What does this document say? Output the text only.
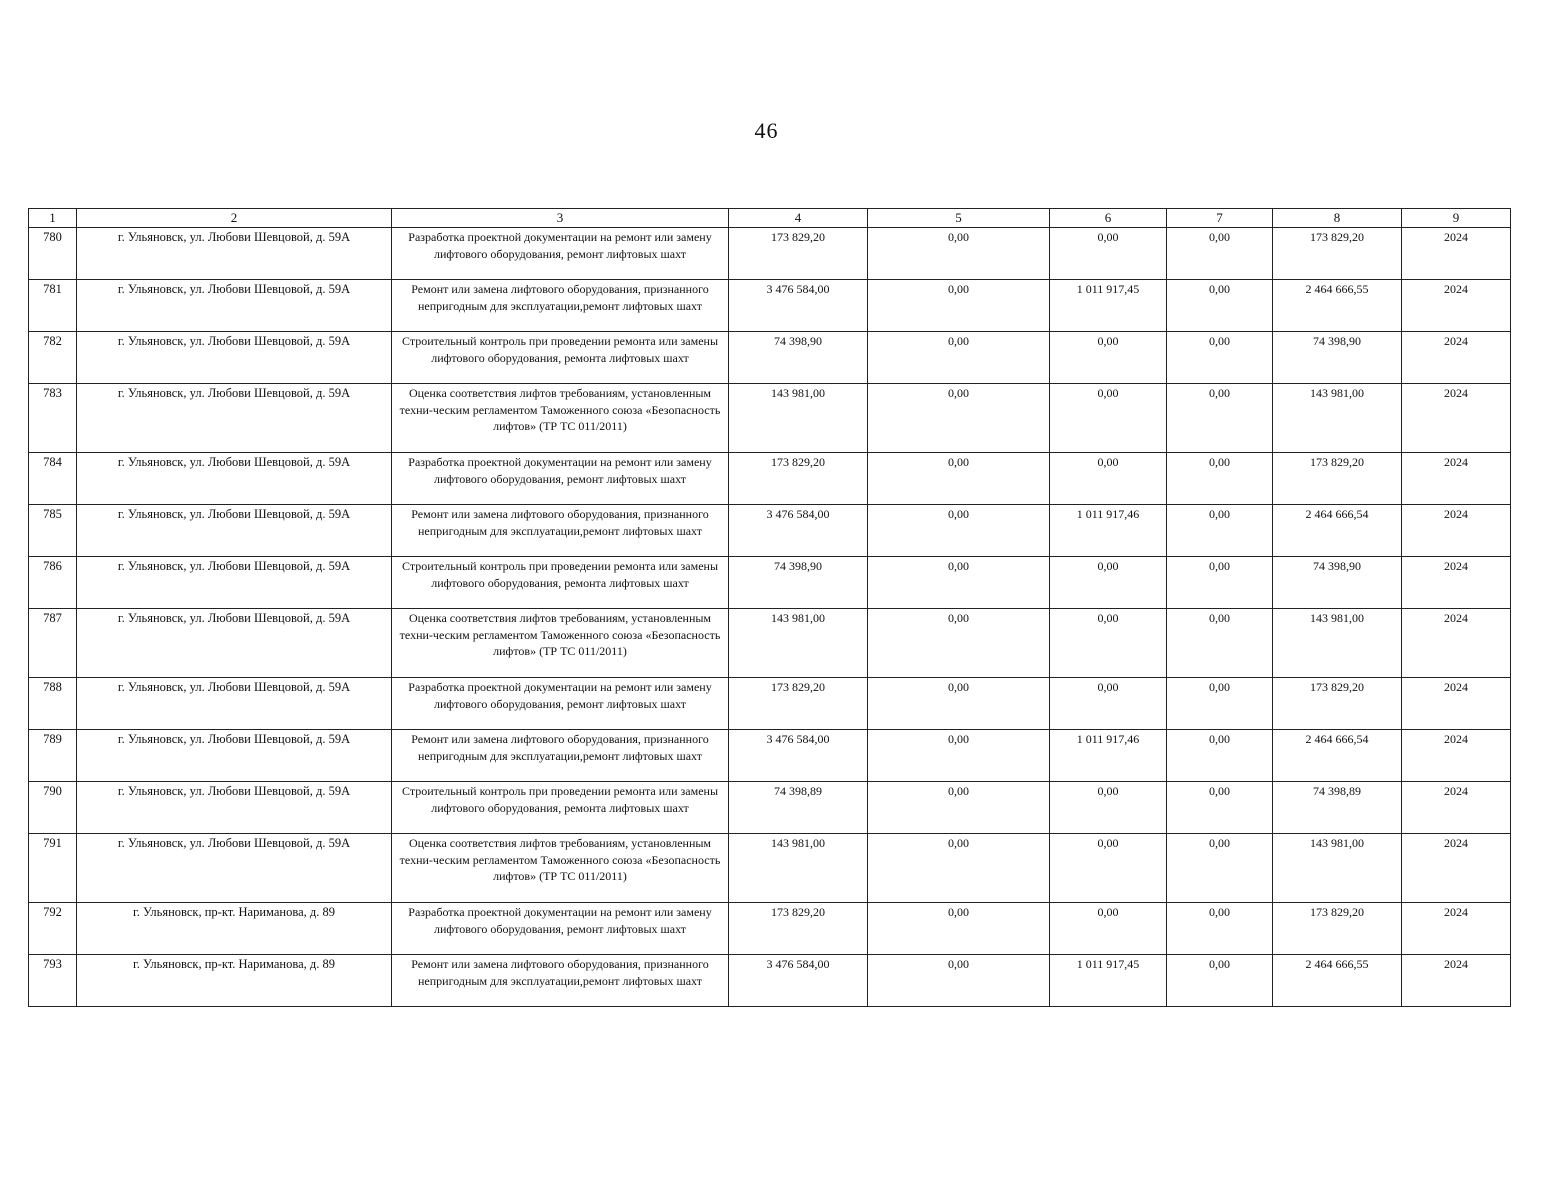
46
1	2	3	4	5	6	7	8	9
780	г. Ульяновск, ул. Любови Шевцовой, д. 59А	Разработка проектной документации на ремонт или замену лифтового оборудования, ремонт лифтовых шахт	173 829,20	0,00	0,00	0,00	173 829,20	2024
781	г. Ульяновск, ул. Любови Шевцовой, д. 59А	Ремонт или замена лифтового оборудования, признанного непригодным для эксплуатации,ремонт лифтовых шахт	3 476 584,00	0,00	1 011 917,45	0,00	2 464 666,55	2024
782	г. Ульяновск, ул. Любови Шевцовой, д. 59А	Строительный контроль при проведении ремонта или замены лифтового оборудования, ремонта лифтовых шахт	74 398,90	0,00	0,00	0,00	74 398,90	2024
783	г. Ульяновск, ул. Любови Шевцовой, д. 59А	Оценка соответствия лифтов требованиям, установленным техни-ческим регламентом Таможенного союза «Безопасность лифтов» (ТР ТС 011/2011)	143 981,00	0,00	0,00	0,00	143 981,00	2024
784	г. Ульяновск, ул. Любови Шевцовой, д. 59А	Разработка проектной документации на ремонт или замену лифтового оборудования, ремонт лифтовых шахт	173 829,20	0,00	0,00	0,00	173 829,20	2024
785	г. Ульяновск, ул. Любови Шевцовой, д. 59А	Ремонт или замена лифтового оборудования, признанного непригодным для эксплуатации,ремонт лифтовых шахт	3 476 584,00	0,00	1 011 917,46	0,00	2 464 666,54	2024
786	г. Ульяновск, ул. Любови Шевцовой, д. 59А	Строительный контроль при проведении ремонта или замены лифтового оборудования, ремонта лифтовых шахт	74 398,90	0,00	0,00	0,00	74 398,90	2024
787	г. Ульяновск, ул. Любови Шевцовой, д. 59А	Оценка соответствия лифтов требованиям, установленным техни-ческим регламентом Таможенного союза «Безопасность лифтов» (ТР ТС 011/2011)	143 981,00	0,00	0,00	0,00	143 981,00	2024
788	г. Ульяновск, ул. Любови Шевцовой, д. 59А	Разработка проектной документации на ремонт или замену лифтового оборудования, ремонт лифтовых шахт	173 829,20	0,00	0,00	0,00	173 829,20	2024
789	г. Ульяновск, ул. Любови Шевцовой, д. 59А	Ремонт или замена лифтового оборудования, признанного непригодным для эксплуатации,ремонт лифтовых шахт	3 476 584,00	0,00	1 011 917,46	0,00	2 464 666,54	2024
790	г. Ульяновск, ул. Любови Шевцовой, д. 59А	Строительный контроль при проведении ремонта или замены лифтового оборудования, ремонта лифтовых шахт	74 398,89	0,00	0,00	0,00	74 398,89	2024
791	г. Ульяновск, ул. Любови Шевцовой, д. 59А	Оценка соответствия лифтов требованиям, установленным техни-ческим регламентом Таможенного союза «Безопасность лифтов» (ТР ТС 011/2011)	143 981,00	0,00	0,00	0,00	143 981,00	2024
792	г. Ульяновск, пр-кт. Нариманова, д. 89	Разработка проектной документации на ремонт или замену лифтового оборудования, ремонт лифтовых шахт	173 829,20	0,00	0,00	0,00	173 829,20	2024
793	г. Ульяновск, пр-кт. Нариманова, д. 89	Ремонт или замена лифтового оборудования, признанного непригодным для эксплуатации,ремонт лифтовых шахт	3 476 584,00	0,00	1 011 917,45	0,00	2 464 666,55	2024
